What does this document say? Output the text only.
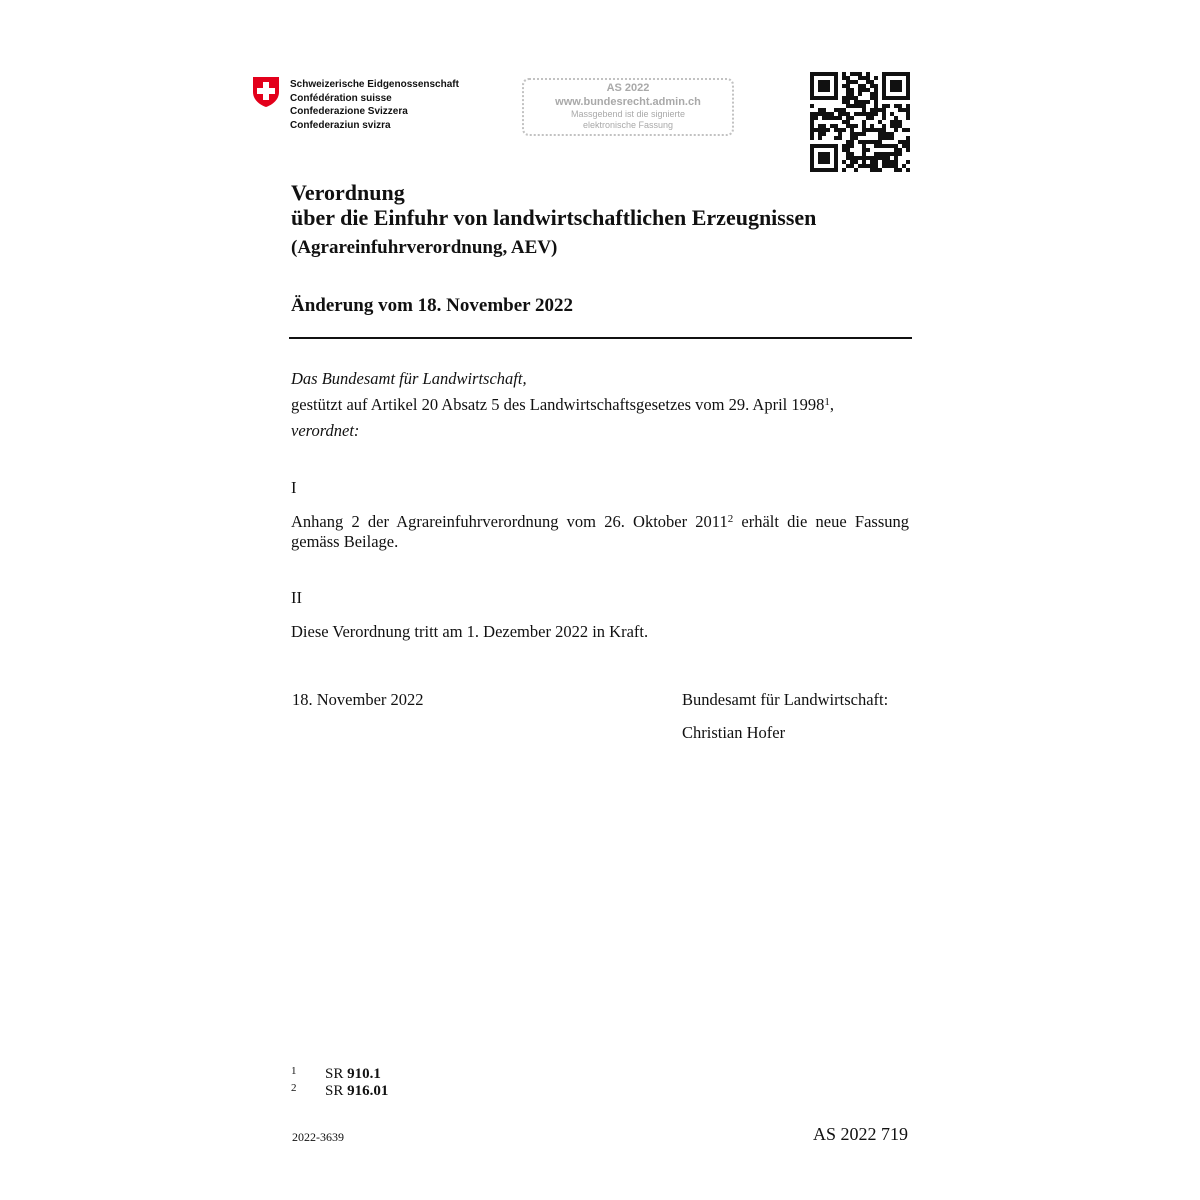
Schweizerische Eidgenossenschaft
Confédération suisse
Confederazione Svizzera
Confederaziun svizra
AS 2022
www.bundesrecht.admin.ch
Massgebend ist die signierte
elektronische Fassung
Verordnung
über die Einfuhr von landwirtschaftlichen Erzeugnissen
(Agrareinfuhrverordnung, AEV)
Änderung vom 18. November 2022
Das Bundesamt für Landwirtschaft,
gestützt auf Artikel 20 Absatz 5 des Landwirtschaftsgesetzes vom 29. April 1998$^1$,
verordnet:
I
Anhang 2 der Agrareinfuhrverordnung vom 26. Oktober 2011$^2$ erhält die neue Fassung gemäss Beilage.
II
Diese Verordnung tritt am 1. Dezember 2022 in Kraft.
18. November 2022	Bundesamt für Landwirtschaft:
Christian Hofer
1 SR 910.1
2 SR 916.01
2022-3639	AS 2022 719
